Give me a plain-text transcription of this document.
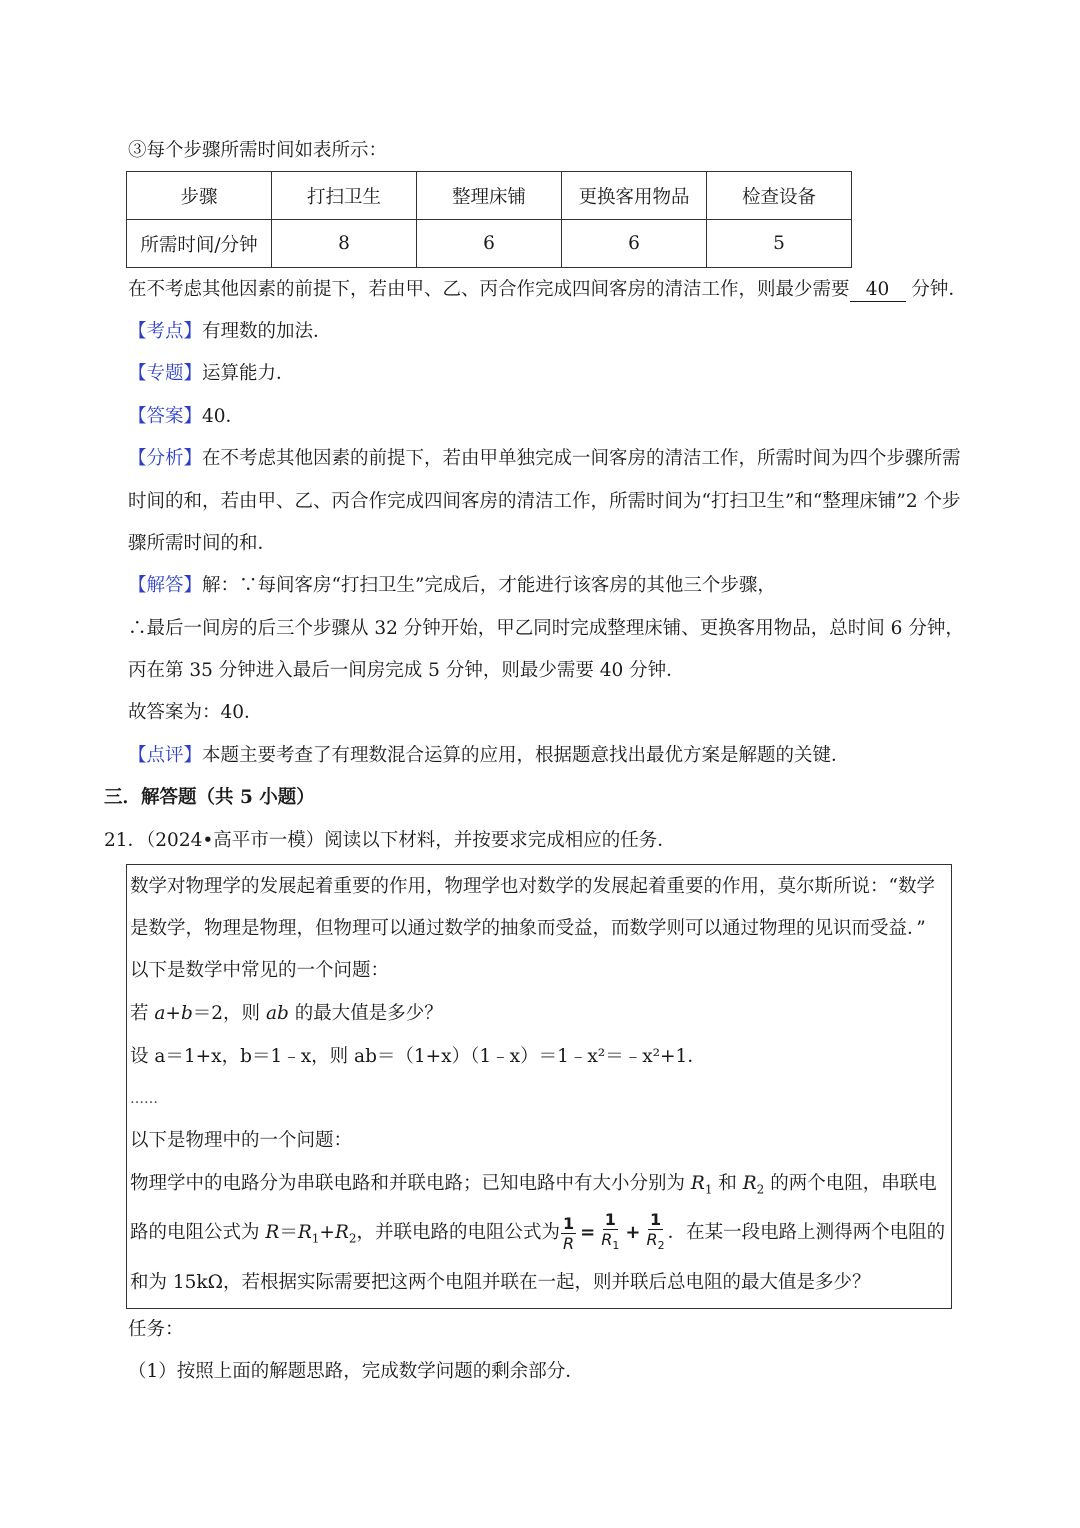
③每个步骤所需时间如表所示：
步骤	打扫卫生	整理床铺	更换客用物品	检查设备
所需时间/分钟	8	6	6	5
在不考虑其他因素的前提下，若由甲、乙、丙合作完成四间客房的清洁工作，则最少需要 40 分钟．
【考点】有理数的加法．
【专题】运算能力．
【答案】40．
【分析】在不考虑其他因素的前提下，若由甲单独完成一间客房的清洁工作，所需时间为四个步骤所需
时间的和，若由甲、乙、丙合作完成四间客房的清洁工作，所需时间为“打扫卫生”和“整理床铺”2 个步
骤所需时间的和．
【解答】解：∵每间客房“打扫卫生”完成后，才能进行该客房的其他三个步骤，
∴最后一间房的后三个步骤从 32 分钟开始，甲乙同时完成整理床铺、更换客用物品，总时间 6 分钟，
丙在第 35 分钟进入最后一间房完成 5 分钟，则最少需要 40 分钟．
故答案为：40．
【点评】本题主要考查了有理数混合运算的应用，根据题意找出最优方案是解题的关键．
三．解答题（共 5 小题）
21．（2024•高平市一模）阅读以下材料，并按要求完成相应的任务．
数学对物理学的发展起着重要的作用，物理学也对数学的发展起着重要的作用，莫尔斯所说：“数学
是数学，物理是物理，但物理可以通过数学的抽象而受益，而数学则可以通过物理的见识而受益．”
以下是数学中常见的一个问题：
若 a+b＝2，则 ab 的最大值是多少？
设 a＝1+x，b＝1﹣x，则 ab＝（1+x）（1﹣x）＝1﹣x²＝﹣x²+1．
……
以下是物理中的一个问题：
物理学中的电路分为串联电路和并联电路；已知电路中有大小分别为 $R_1$ 和 $R_2$ 的两个电阻，串联电
路的电阻公式为 $R=R_1+R_2$，并联电路的电阻公式为 $\frac{1}{R} = \frac{1}{R_1} + \frac{1}{R_2}$ ．在某一段电路上测得两个电阻的
和为 15kΩ，若根据实际需要把这两个电阻并联在一起，则并联后总电阻的最大值是多少？
任务：
（1）按照上面的解题思路，完成数学问题的剩余部分．
